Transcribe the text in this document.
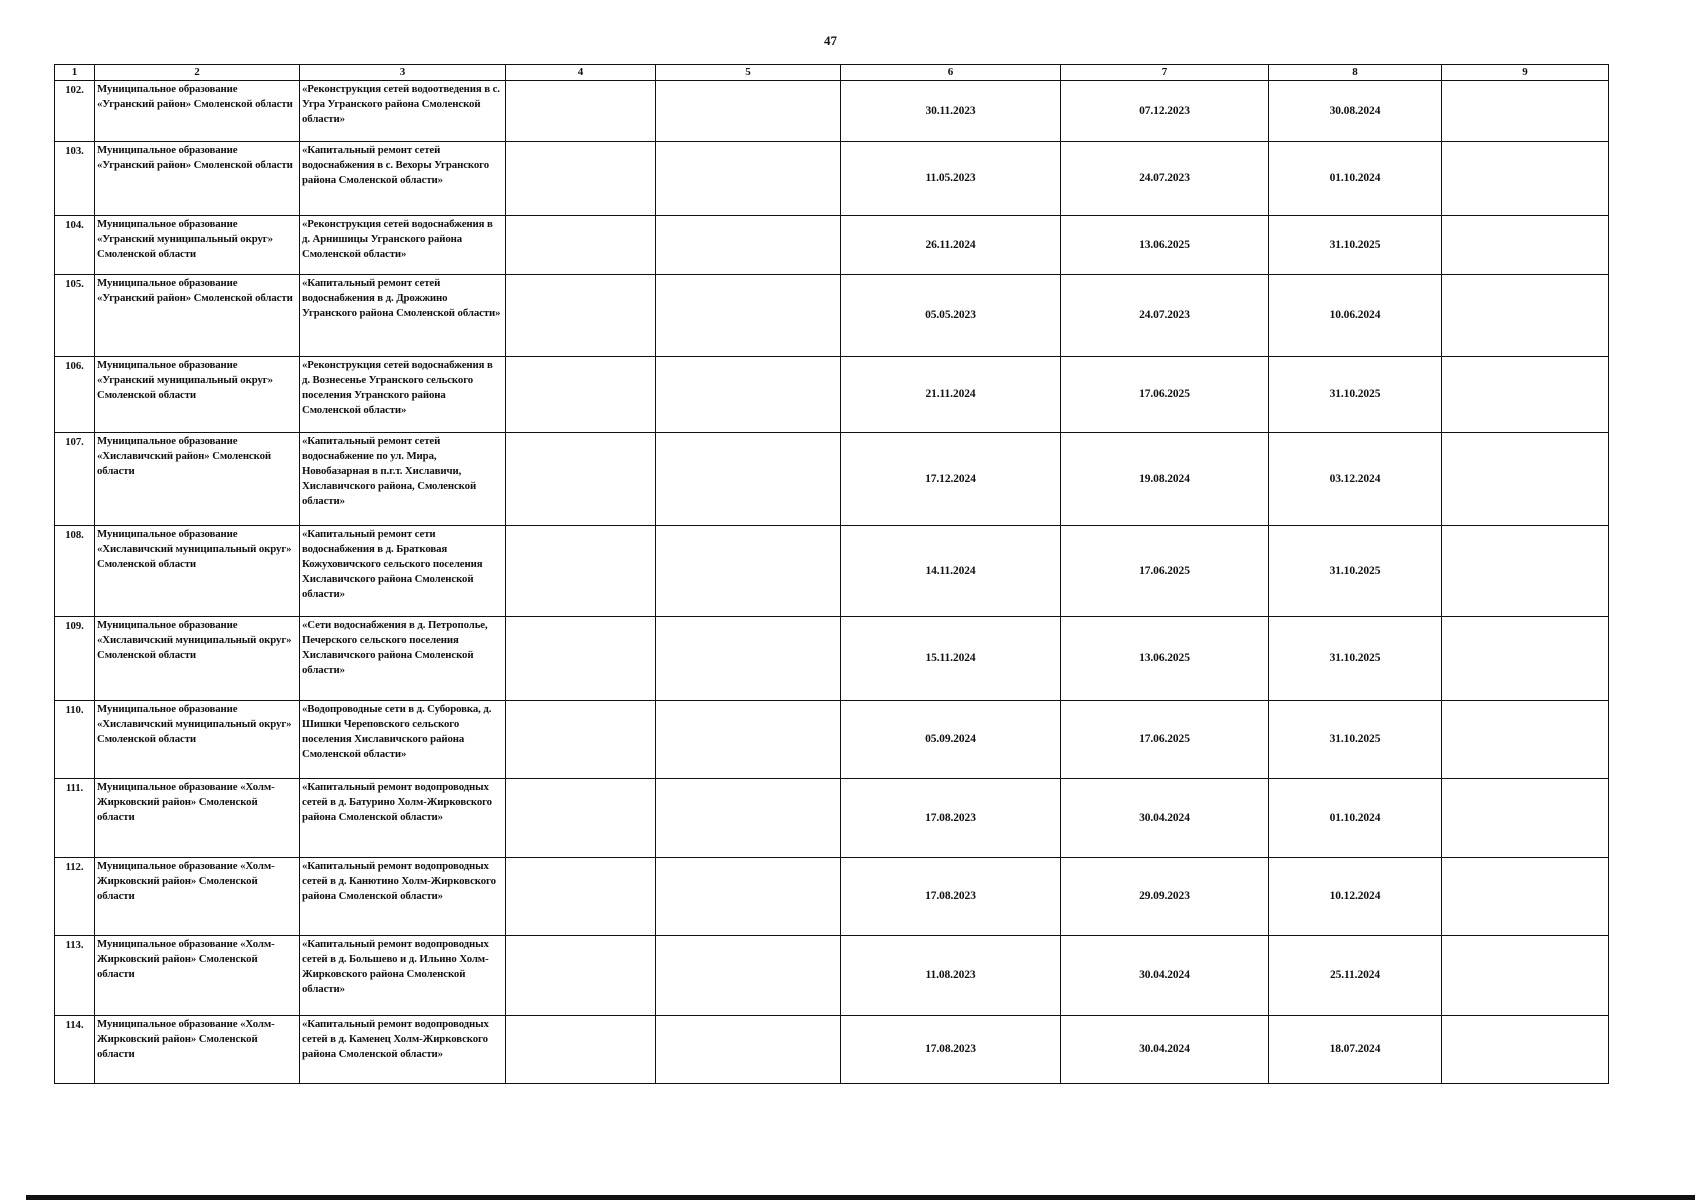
47
1	2	3	4	5	6	7	8	9
102.	Муниципальное образование «Угранский район» Смоленской области	«Реконструкция сетей водоотведения в с. Угра Угранского района Смоленской области»			30.11.2023	07.12.2023	30.08.2024	
103.	Муниципальное образование «Угранский район» Смоленской области	«Капитальный ремонт сетей водоснабжения в с. Вехоры Угранского района Смоленской области»			11.05.2023	24.07.2023	01.10.2024	
104.	Муниципальное образование «Угранский муниципальный округ» Смоленской области	«Реконструкция сетей водоснабжения в д. Арнишицы Угранского района Смоленской области»			26.11.2024	13.06.2025	31.10.2025	
105.	Муниципальное образование «Угранский район» Смоленской области	«Капитальный ремонт сетей водоснабжения в д. Дрожжино Угранского района Смоленской области»			05.05.2023	24.07.2023	10.06.2024	
106.	Муниципальное образование «Угранский муниципальный округ» Смоленской области	«Реконструкция сетей водоснабжения в д. Вознесенье Угранского сельского поселения Угранского района Смоленской области»			21.11.2024	17.06.2025	31.10.2025	
107.	Муниципальное образование «Хиславичский район» Смоленской области	«Капитальный ремонт сетей водоснабжение по ул. Мира, Новобазарная в п.г.т. Хиславичи, Хиславичского района, Смоленской области»			17.12.2024	19.08.2024	03.12.2024	
108.	Муниципальное образование «Хиславичский муниципальный округ» Смоленской области	«Капитальный ремонт сети водоснабжения в д. Братковая Кожуховичского сельского поселения Хиславичского района Смоленской области»			14.11.2024	17.06.2025	31.10.2025	
109.	Муниципальное образование «Хиславичский муниципальный округ» Смоленской области	«Сети водоснабжения в д. Петрополье, Печерского сельского поселения Хиславичского района Смоленской области»			15.11.2024	13.06.2025	31.10.2025	
110.	Муниципальное образование «Хиславичский муниципальный округ» Смоленской области	«Водопроводные сети в д. Суборовка, д. Шишки Череповского сельского поселения Хиславичского района Смоленской области»			05.09.2024	17.06.2025	31.10.2025	
111.	Муниципальное образование «Холм-Жирковский район» Смоленской области	«Капитальный ремонт водопроводных сетей в д. Батурино Холм-Жирковского района Смоленской области»			17.08.2023	30.04.2024	01.10.2024	
112.	Муниципальное образование «Холм-Жирковский район» Смоленской области	«Капитальный ремонт водопроводных сетей в д. Канютино Холм-Жирковского района Смоленской области»			17.08.2023	29.09.2023	10.12.2024	
113.	Муниципальное образование «Холм-Жирковский район» Смоленской области	«Капитальный ремонт водопроводных сетей в д. Большево и д. Ильино Холм-Жирковского района Смоленской области»			11.08.2023	30.04.2024	25.11.2024	
114.	Муниципальное образование «Холм-Жирковский район» Смоленской области	«Капитальный ремонт водопроводных сетей в д. Каменец Холм-Жирковского района Смоленской области»			17.08.2023	30.04.2024	18.07.2024	
